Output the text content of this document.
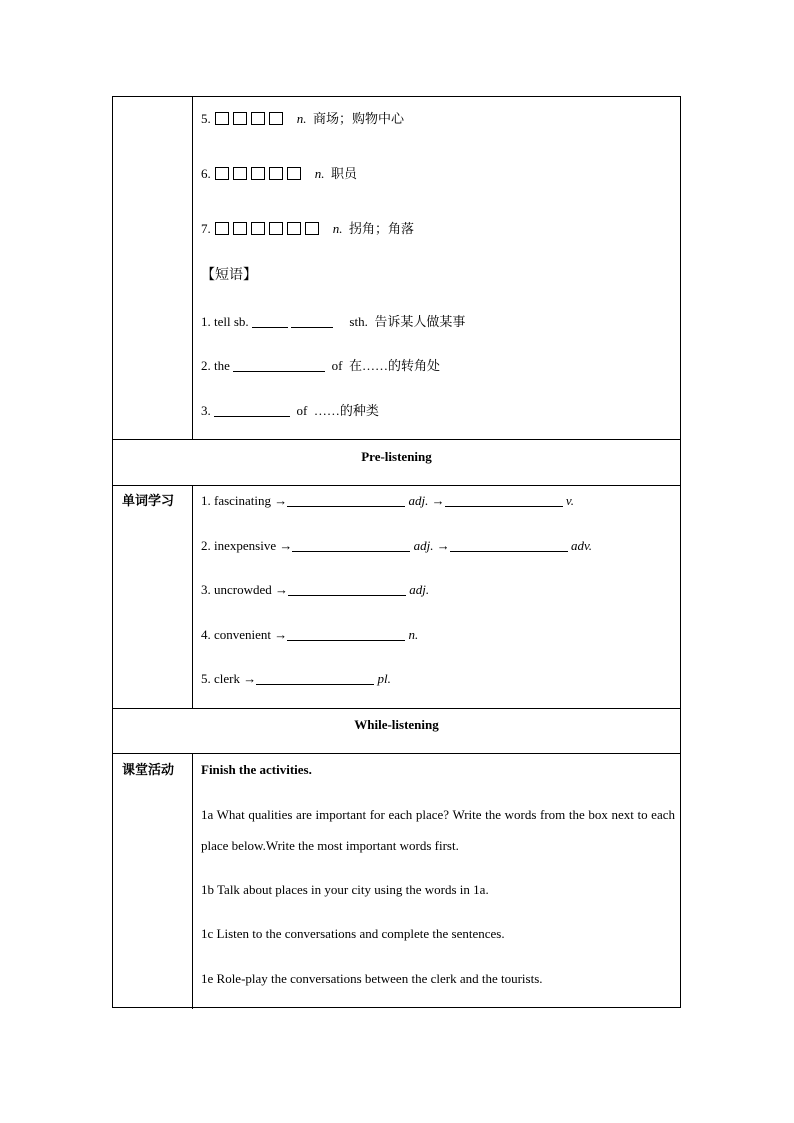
5.	n. 商场；购物中心
6.	n. 职员
7.	n. 拐角；角落
【短语】
1. tell sb.	sth. 告诉某人做某事
2. the	of 在……的转角处
3.	of ……的种类
Pre-listening
单词学习 1. fascinating →	adj. →	v.
2. inexpensive →	adj. →	adv.
3. uncrowded →	adj.
4. convenient →	n.
5. clerk →	pl.
While-listening
课堂活动 Finish the activities.
1a What qualities are important for each place? Write the words from the box next to each place below.Write the most important words first.
1b Talk about places in your city using the words in 1a.
1c Listen to the conversations and complete the sentences.
1e Role-play the conversations between the clerk and the tourists.
